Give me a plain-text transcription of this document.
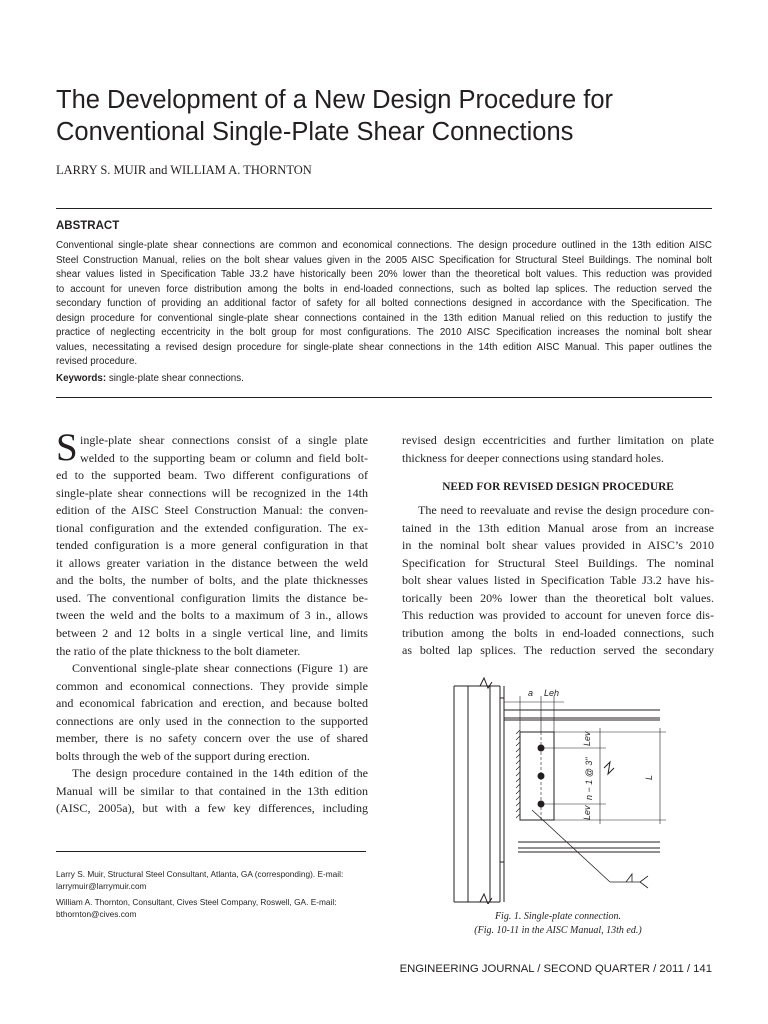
The Development of a New Design Procedure for
Conventional Single-Plate Shear Connections
LARRY S. MUIR and WILLIAM A. THORNTON
ABSTRACT
Conventional single-plate shear connections are common and economical connections. The design procedure outlined in the 13th edition AISC
Steel Construction Manual, relies on the bolt shear values given in the 2005 AISC Specification for Structural Steel Buildings. The nominal bolt
shear values listed in Specification Table J3.2 have historically been 20% lower than the theoretical bolt values. This reduction was provided
to account for uneven force distribution among the bolts in end-loaded connections, such as bolted lap splices. The reduction served the
secondary function of providing an additional factor of safety for all bolted connections designed in accordance with the Specification. The
design procedure for conventional single-plate shear connections contained in the 13th edition Manual relied on this reduction to justify the
practice of neglecting eccentricity in the bolt group for most configurations. The 2010 AISC Specification increases the nominal bolt shear
values, necessitating a revised design procedure for single-plate shear connections in the 14th edition AISC Manual. This paper outlines the
revised procedure.
Keywords: single-plate shear connections.
S ingle-plate shear connections consist of a single plate
welded to the supporting beam or column and field bolt-
ed to the supported beam. Two different configurations of
single-plate shear connections will be recognized in the 14th
edition of the AISC Steel Construction Manual: the conven-
tional configuration and the extended configuration. The ex-
tended configuration is a more general configuration in that
it allows greater variation in the distance between the weld
and the bolts, the number of bolts, and the plate thicknesses
used. The conventional configuration limits the distance be-
tween the weld and the bolts to a maximum of 3 in., allows
between 2 and 12 bolts in a single vertical line, and limits
the ratio of the plate thickness to the bolt diameter.
Conventional single-plate shear connections (Figure 1) are
common and economical connections. They provide simple
and economical fabrication and erection, and because bolted
connections are only used in the connection to the supported
member, there is no safety concern over the use of shared
bolts through the web of the support during erection.
The design procedure contained in the 14th edition of the
Manual will be similar to that contained in the 13th edition
(AISC, 2005a), but with a few key differences, including
revised design eccentricities and further limitation on plate
thickness for deeper connections using standard holes.
NEED FOR REVISED DESIGN PROCEDURE
The need to reevaluate and revise the design procedure con-
tained in the 13th edition Manual arose from an increase
in the nominal bolt shear values provided in AISC’s 2010
Specification for Structural Steel Buildings. The nominal
bolt shear values listed in Specification Table J3.2 have his-
torically been 20% lower than the theoretical bolt values.
This reduction was provided to account for uneven force dis-
tribution among the bolts in end-loaded connections, such
as bolted lap splices. The reduction served the secondary
a Leh
Lev
n − 1 @ 3"
Lev
L
Fig. 1. Single-plate connection.
(Fig. 10-11 in the AISC Manual, 13th ed.)
Larry S. Muir, Structural Steel Consultant, Atlanta, GA (corresponding). E-mail:
larrymuir@larrymuir.com
William A. Thornton, Consultant, Cives Steel Company, Roswell, GA. E-mail:
bthornton@cives.com
ENGINEERING JOURNAL / SECOND QUARTER / 2011 / 141
